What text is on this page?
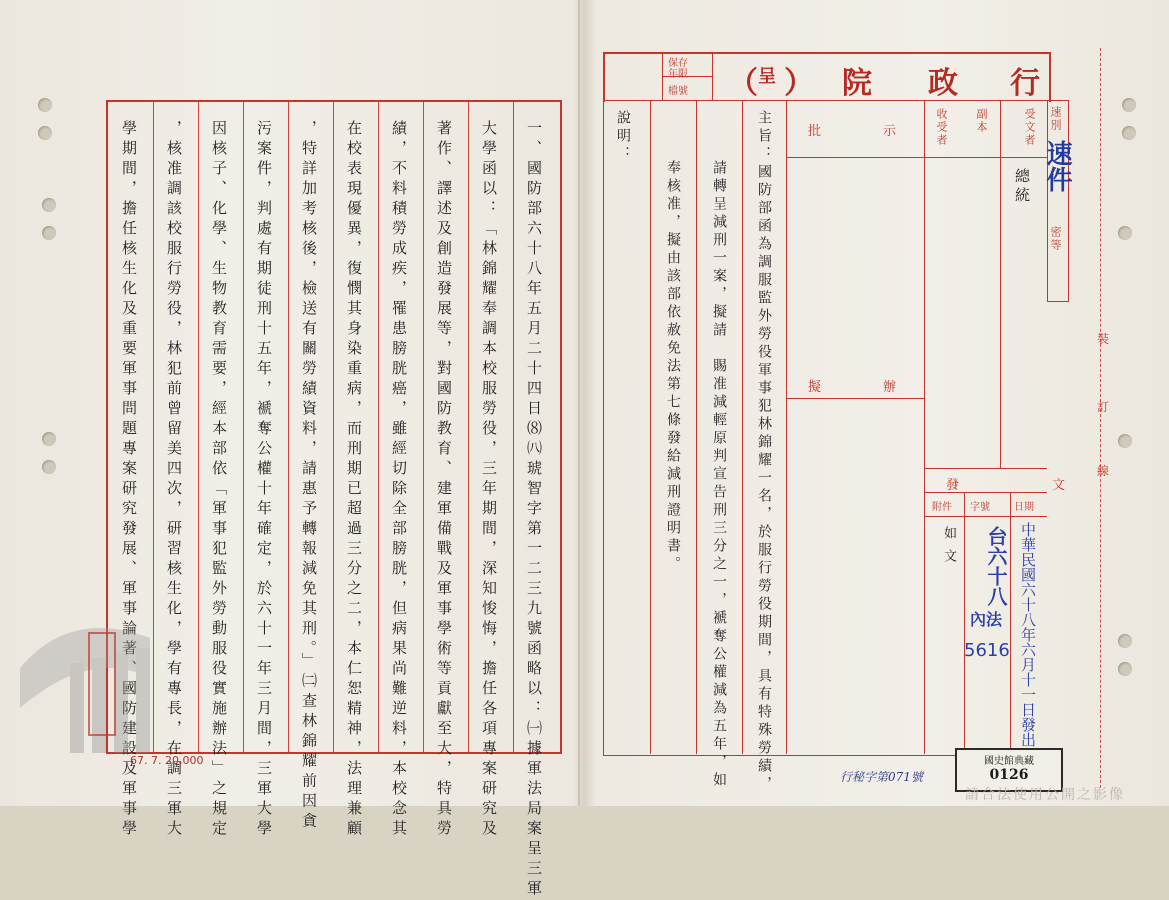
一、國防部六十八年五月二十四日⑻㈧琥智字第一二三九號函略以：㈠據軍法局案呈三軍
大學函以：「林錦耀奉調本校服勞役，三年期間，深知悛悔，擔任各項專案研究及
著作、譯述及創造發展等，對國防教育、建軍備戰及軍事學術等貢獻至大，特具勞
績，不料積勞成疾，罹患膀胱癌，雖經切除全部膀胱，但病果尚難逆料，本校念其
在校表現優異，復憫其身染重病，而刑期已超過三分之二，本仁恕精神，法理兼顧
，特詳加考核後，檢送有關勞績資料，請惠予轉報減免其刑。」㈡查林錦耀前因貪
污案件，判處有期徒刑十五年，褫奪公權十年確定，於六十一年三月間，三軍大學
因核子、化學、生物教育需要，經本部依「軍事犯監外勞動服役實施辦法」之規定
，核准調該校服行勞役，林犯前曾留美四次，研習核生化，學有專長，在調三軍大
學期間，擔任核生化及重要軍事問題專案研究發展、軍事論著、國防建設及軍事學
67. 7. 20,000
保存
年限
檔號 （
呈 ） 院 政 行
速別
密等
速件
說明：	主旨：國防部函為調服監外勞役軍事犯林錦耀一名，於服行勞役期間，具有特殊勞績，
請轉呈減刑一案，擬請　賜准減輕原判宣告刑三分之一，褫奪公權減為五年，如
奉核准，擬由該部依赦免法第七條發給減刑證明書。
批　　示
擬　　辦
受文者
副本
收受者
總統
發　文
日期
字號
附件
中華民國六十八年六月十一日發出
台六十八
內法
5616
如文
裝
訂
線
國史館典藏
0126
行秘字第071號
請合法使用公開之影像
